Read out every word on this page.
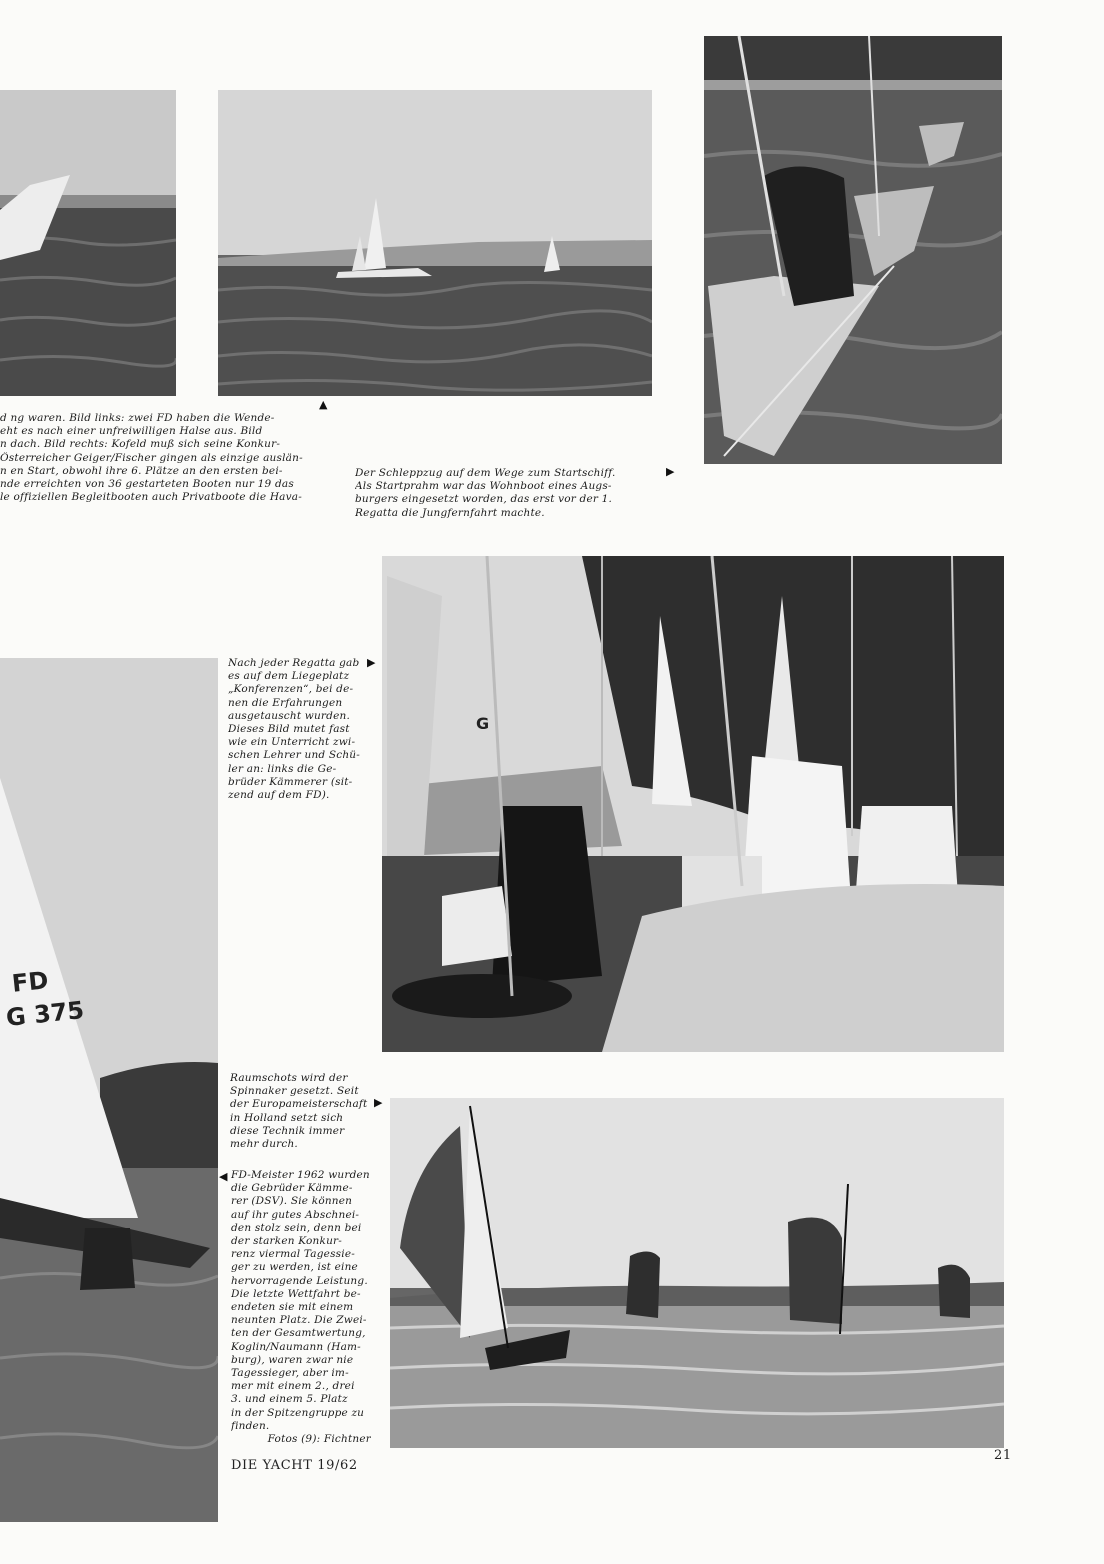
G
FD
G 375
▲
d ng waren. Bild links: zwei FD haben die Wende-
eht es nach einer unfreiwilligen Halse aus. Bild
n dach. Bild rechts: Kofeld muß sich seine Konkur-
Österreicher Geiger/Fischer gingen als einzige auslän-
n en Start, obwohl ihre 6. Plätze an den ersten bei-
nde erreichten von 36 gestarteten Booten nur 19 das
le offiziellen Begleitbooten auch Privatboote die Hava-
Der Schleppzug auf dem Wege zum Startschiff.
Als Startprahm war das Wohnboot eines Augs-
burgers eingesetzt worden, das erst vor der 1.
Regatta die Jungfernfahrt machte.
▶
Nach jeder Regatta gab
es auf dem Liegeplatz
„Konferenzen“, bei de-
nen die Erfahrungen
ausgetauscht wurden.
Dieses Bild mutet fast
wie ein Unterricht zwi-
schen Lehrer und Schü-
ler an: links die Ge-
brüder Kämmerer (sit-
zend auf dem FD).
▶
Raumschots wird der
Spinnaker gesetzt. Seit
der Europameisterschaft
in Holland setzt sich
diese Technik immer
mehr durch.
▶
◀ FD-Meister 1962 wurden
die Gebrüder Kämme-
rer (DSV). Sie können
auf ihr gutes Abschnei-
den stolz sein, denn bei
der starken Konkur-
renz viermal Tagessie-
ger zu werden, ist eine
hervorragende Leistung.
Die letzte Wettfahrt be-
endeten sie mit einem
neunten Platz. Die Zwei-
ten der Gesamtwertung,
Koglin/Naumann (Ham-
burg), waren zwar nie
Tagessieger, aber im-
mer mit einem 2., drei
3. und einem 5. Platz
in der Spitzengruppe zu
finden.
Fotos (9): Fichtner
DIE YACHT 19/62
21
